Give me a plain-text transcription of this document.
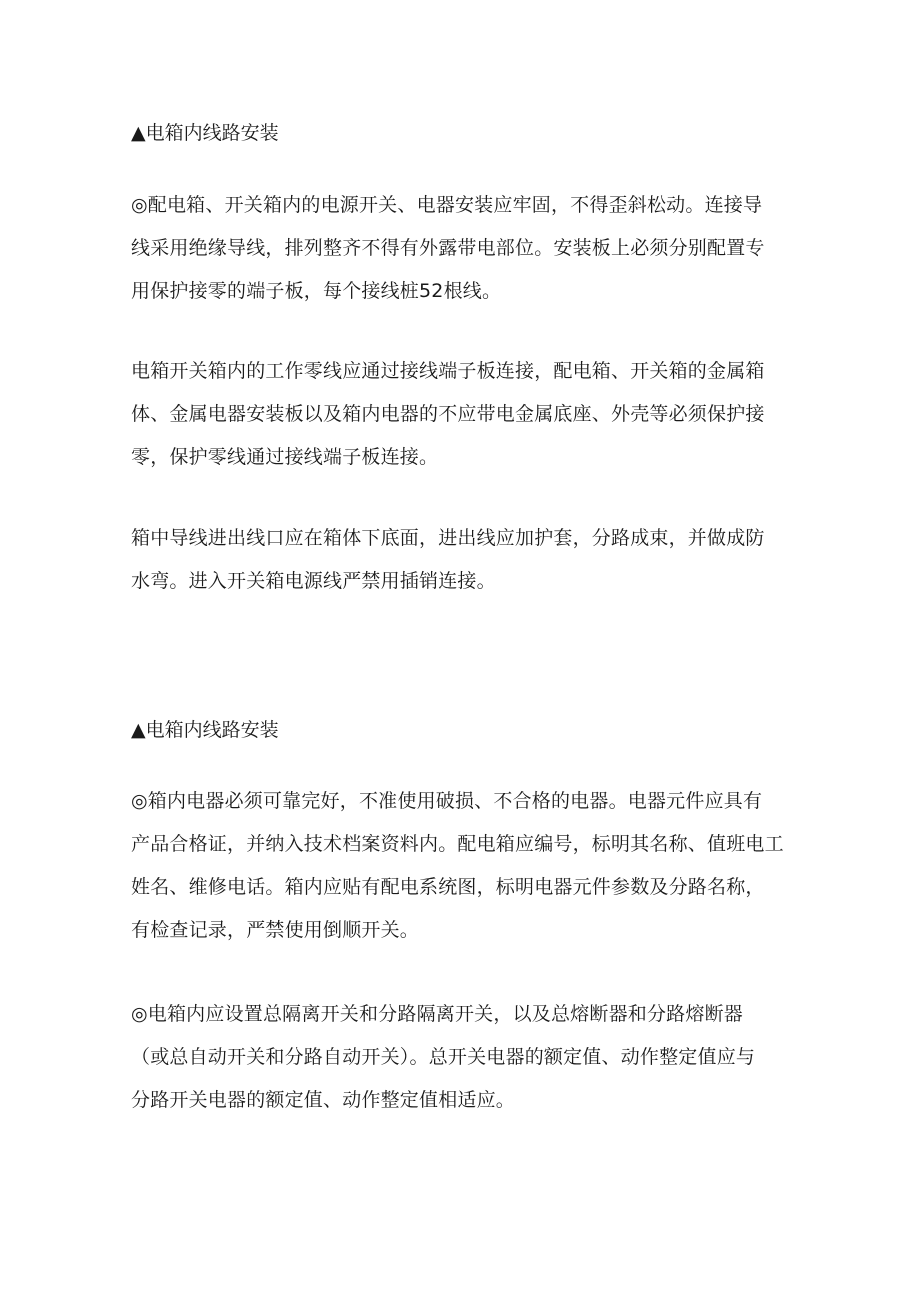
▲电箱内线路安装

◎配电箱、开关箱内的电源开关、电器安装应牢固，不得歪斜松动。连接导
线采用绝缘导线，排列整齐不得有外露带电部位。安装板上必须分别配置专
用保护接零的端子板，每个接线桩52根线。

电箱开关箱内的工作零线应通过接线端子板连接，配电箱、开关箱的金属箱
体、金属电器安装板以及箱内电器的不应带电金属底座、外壳等必须保护接
零，保护零线通过接线端子板连接。

箱中导线进出线口应在箱体下底面，进出线应加护套，分路成束，并做成防
水弯。进入开关箱电源线严禁用插销连接。

▲电箱内线路安装

◎箱内电器必须可靠完好，不准使用破损、不合格的电器。电器元件应具有
产品合格证，并纳入技术档案资料内。配电箱应编号，标明其名称、值班电工
姓名、维修电话。箱内应贴有配电系统图，标明电器元件参数及分路名称，
有检查记录，严禁使用倒顺开关。

◎电箱内应设置总隔离开关和分路隔离开关，以及总熔断器和分路熔断器
（或总自动开关和分路自动开关）。总开关电器的额定值、动作整定值应与
分路开关电器的额定值、动作整定值相适应。
